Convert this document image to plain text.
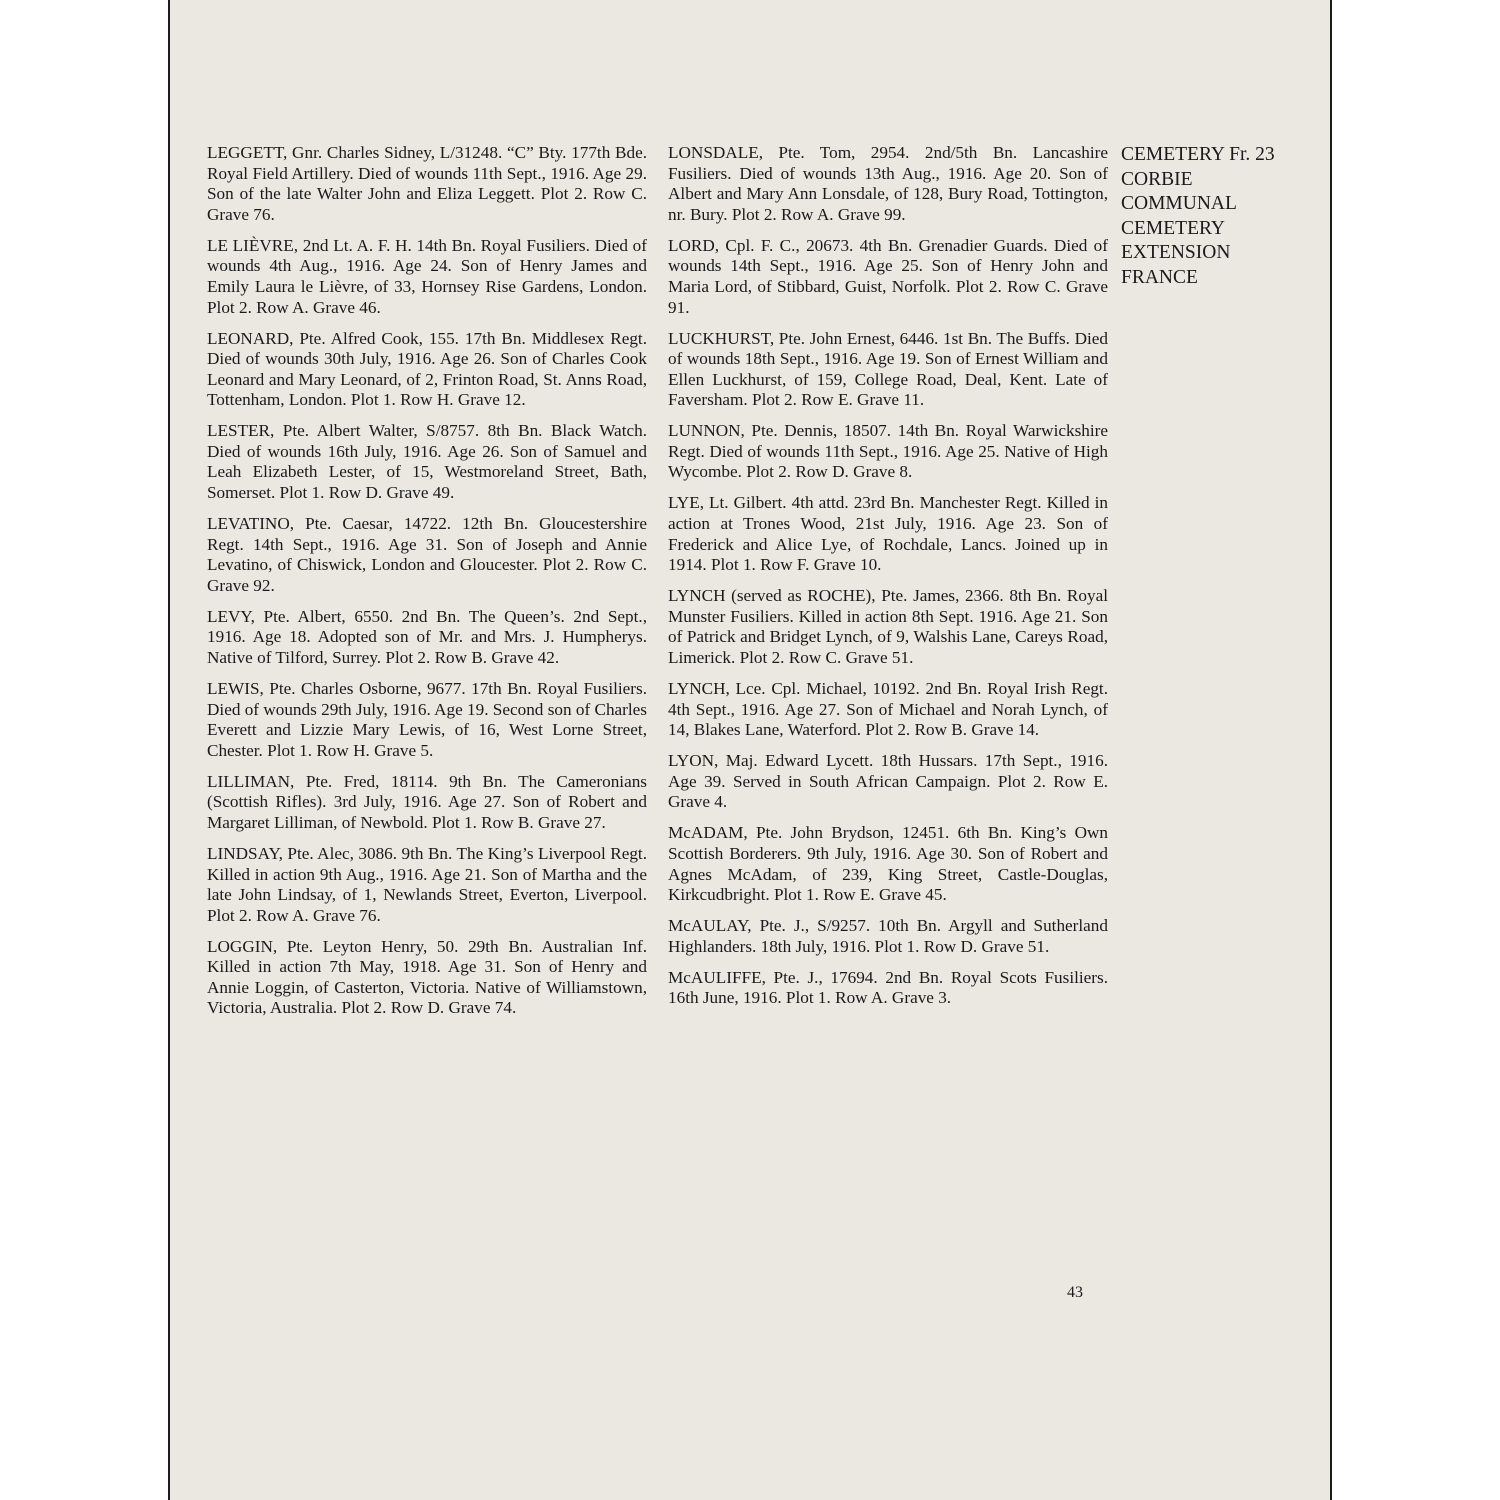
LEGGETT, Gnr. Charles Sidney, L/31248. “C” Bty. 177th Bde. Royal Field Artillery. Died of wounds 11th Sept., 1916. Age 29. Son of the late Walter John and Eliza Leggett. Plot 2. Row C. Grave 76.

LE LIÈVRE, 2nd Lt. A. F. H. 14th Bn. Royal Fusiliers. Died of wounds 4th Aug., 1916. Age 24. Son of Henry James and Emily Laura le Lièvre, of 33, Hornsey Rise Gardens, London. Plot 2. Row A. Grave 46.

LEONARD, Pte. Alfred Cook, 155. 17th Bn. Middlesex Regt. Died of wounds 30th July, 1916. Age 26. Son of Charles Cook Leonard and Mary Leonard, of 2, Frinton Road, St. Anns Road, Tottenham, London. Plot 1. Row H. Grave 12.

LESTER, Pte. Albert Walter, S/8757. 8th Bn. Black Watch. Died of wounds 16th July, 1916. Age 26. Son of Samuel and Leah Elizabeth Lester, of 15, Westmoreland Street, Bath, Somerset. Plot 1. Row D. Grave 49.

LEVATINO, Pte. Caesar, 14722. 12th Bn. Gloucestershire Regt. 14th Sept., 1916. Age 31. Son of Joseph and Annie Levatino, of Chiswick, London and Gloucester. Plot 2. Row C. Grave 92.

LEVY, Pte. Albert, 6550. 2nd Bn. The Queen’s. 2nd Sept., 1916. Age 18. Adopted son of Mr. and Mrs. J. Humpherys. Native of Tilford, Surrey. Plot 2. Row B. Grave 42.

LEWIS, Pte. Charles Osborne, 9677. 17th Bn. Royal Fusiliers. Died of wounds 29th July, 1916. Age 19. Second son of Charles Everett and Lizzie Mary Lewis, of 16, West Lorne Street, Chester. Plot 1. Row H. Grave 5.

LILLIMAN, Pte. Fred, 18114. 9th Bn. The Cameronians (Scottish Rifles). 3rd July, 1916. Age 27. Son of Robert and Margaret Lilliman, of Newbold. Plot 1. Row B. Grave 27.

LINDSAY, Pte. Alec, 3086. 9th Bn. The King’s Liverpool Regt. Killed in action 9th Aug., 1916. Age 21. Son of Martha and the late John Lindsay, of 1, Newlands Street, Everton, Liverpool. Plot 2. Row A. Grave 76.

LOGGIN, Pte. Leyton Henry, 50. 29th Bn. Australian Inf. Killed in action 7th May, 1918. Age 31. Son of Henry and Annie Loggin, of Casterton, Victoria. Native of Williamstown, Victoria, Australia. Plot 2. Row D. Grave 74.

LONSDALE, Pte. Tom, 2954. 2nd/5th Bn. Lancashire Fusiliers. Died of wounds 13th Aug., 1916. Age 20. Son of Albert and Mary Ann Lonsdale, of 128, Bury Road, Tottington, nr. Bury. Plot 2. Row A. Grave 99.

LORD, Cpl. F. C., 20673. 4th Bn. Grenadier Guards. Died of wounds 14th Sept., 1916. Age 25. Son of Henry John and Maria Lord, of Stibbard, Guist, Norfolk. Plot 2. Row C. Grave 91.

LUCKHURST, Pte. John Ernest, 6446. 1st Bn. The Buffs. Died of wounds 18th Sept., 1916. Age 19. Son of Ernest William and Ellen Luckhurst, of 159, College Road, Deal, Kent. Late of Faversham. Plot 2. Row E. Grave 11.

LUNNON, Pte. Dennis, 18507. 14th Bn. Royal Warwickshire Regt. Died of wounds 11th Sept., 1916. Age 25. Native of High Wycombe. Plot 2. Row D. Grave 8.

LYE, Lt. Gilbert. 4th attd. 23rd Bn. Manchester Regt. Killed in action at Trones Wood, 21st July, 1916. Age 23. Son of Frederick and Alice Lye, of Rochdale, Lancs. Joined up in 1914. Plot 1. Row F. Grave 10.

LYNCH (served as ROCHE), Pte. James, 2366. 8th Bn. Royal Munster Fusiliers. Killed in action 8th Sept. 1916. Age 21. Son of Patrick and Bridget Lynch, of 9, Walshis Lane, Careys Road, Limerick. Plot 2. Row C. Grave 51.

LYNCH, Lce. Cpl. Michael, 10192. 2nd Bn. Royal Irish Regt. 4th Sept., 1916. Age 27. Son of Michael and Norah Lynch, of 14, Blakes Lane, Waterford. Plot 2. Row B. Grave 14.

LYON, Maj. Edward Lycett. 18th Hussars. 17th Sept., 1916. Age 39. Served in South African Campaign. Plot 2. Row E. Grave 4.

McADAM, Pte. John Brydson, 12451. 6th Bn. King’s Own Scottish Borderers. 9th July, 1916. Age 30. Son of Robert and Agnes McAdam, of 239, King Street, Castle-Douglas, Kirkcudbright. Plot 1. Row E. Grave 45.

McAULAY, Pte. J., S/9257. 10th Bn. Argyll and Sutherland Highlanders. 18th July, 1916. Plot 1. Row D. Grave 51.

McAULIFFE, Pte. J., 17694. 2nd Bn. Royal Scots Fusiliers. 16th June, 1916. Plot 1. Row A. Grave 3.

CEMETERY Fr. 23
CORBIE
COMMUNAL
CEMETERY
EXTENSION
FRANCE
43
